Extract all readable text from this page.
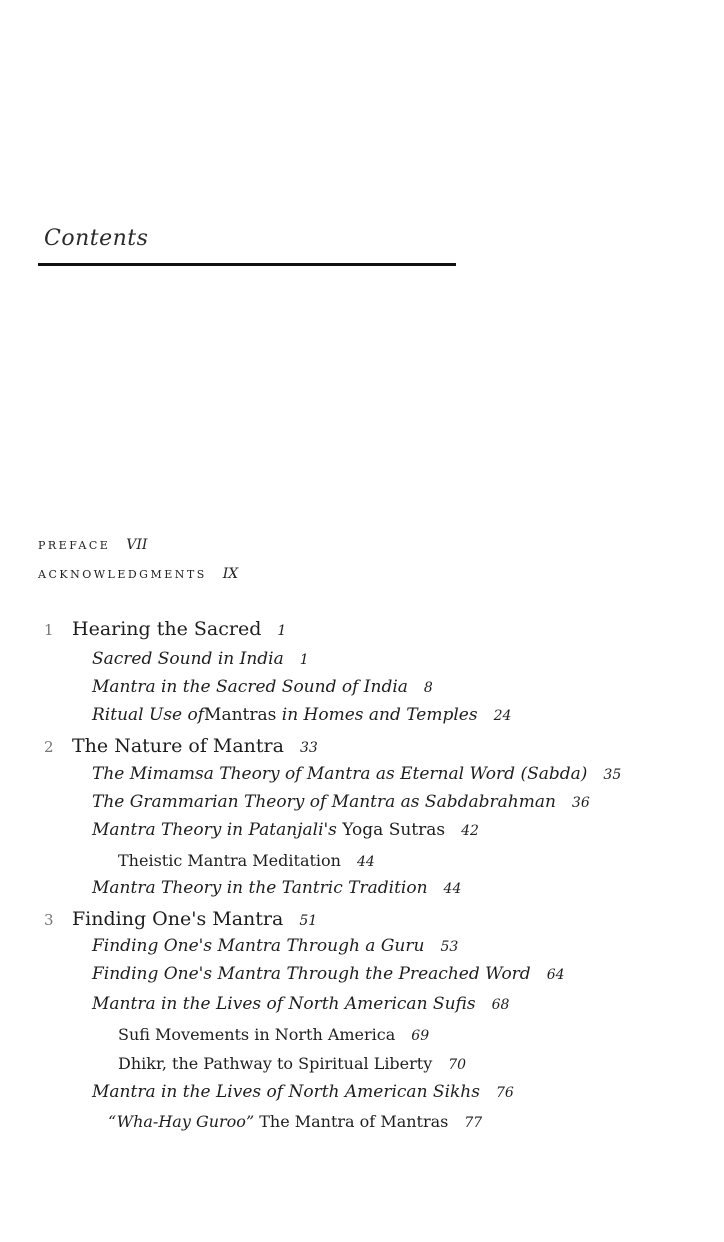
Contents
PREFACE VII
ACKNOWLEDGMENTS IX
1 Hearing the Sacred 1
Sacred Sound in India 1
Mantra in the Sacred Sound of India 8
Ritual Use ofMantras in Homes and Temples 24
2 The Nature of Mantra 33
The Mimamsa Theory of Mantra as Eternal Word (Sabda) 35
The Grammarian Theory of Mantra as Sabdabrahman 36
Mantra Theory in Patanjali's Yoga Sutras 42
Theistic Mantra Meditation 44
Mantra Theory in the Tantric Tradition 44
3 Finding One's Mantra 51
Finding One's Mantra Through a Guru 53
Finding One's Mantra Through the Preached Word 64
Mantra in the Lives of North American Sufis 68
Sufi Movements in North America 69
Dhikr, the Pathway to Spiritual Liberty 70
Mantra in the Lives of North American Sikhs 76
“Wha-Hay Guroo” The Mantra of Mantras 77
